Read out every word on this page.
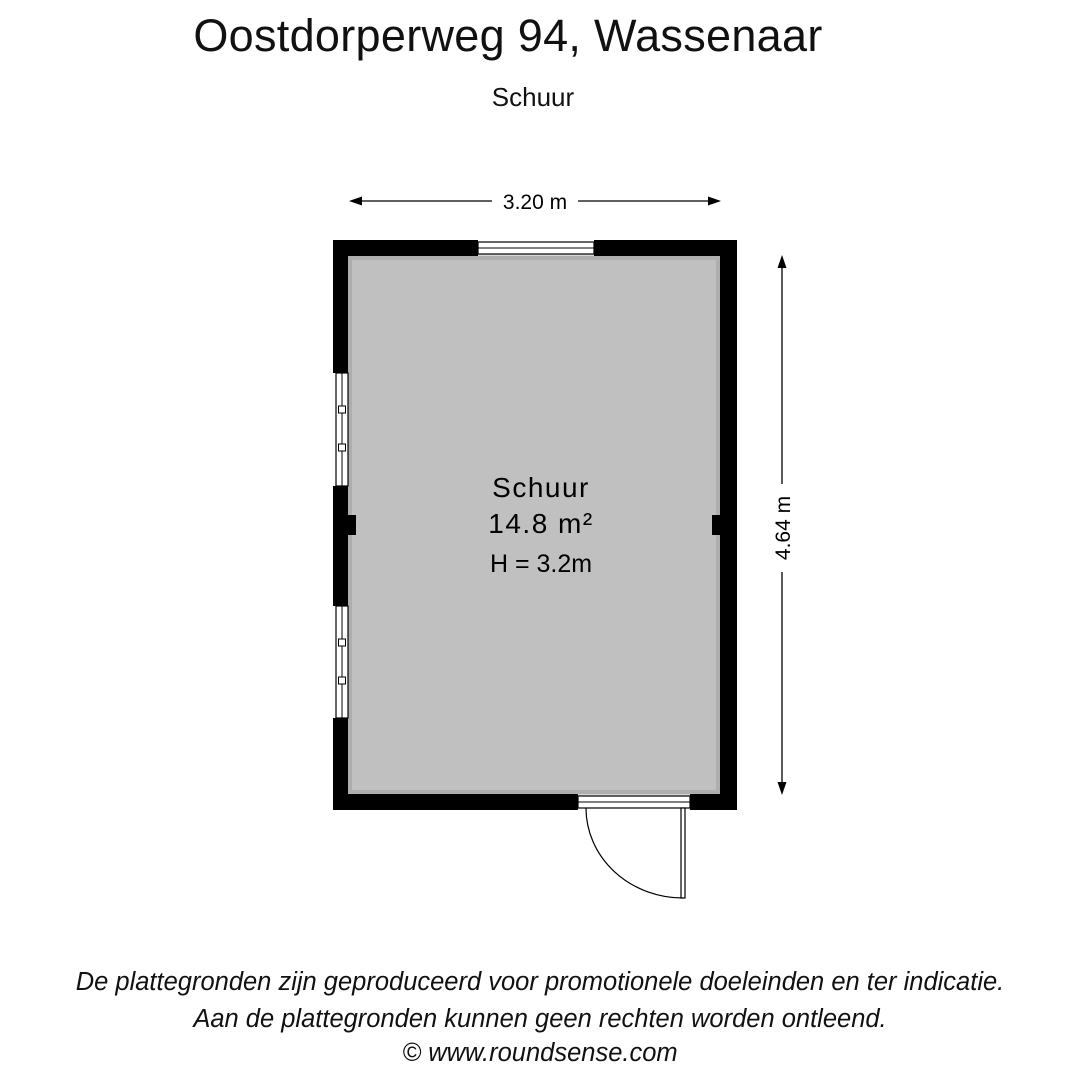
Oostdorperweg 94, Wassenaar
Schuur
3.20 m
4.64 m
Schuur
14.8 m²
H = 3.2m
De plattegronden zijn geproduceerd voor promotionele doeleinden en ter indicatie.
Aan de plattegronden kunnen geen rechten worden ontleend.
© www.roundsense.com
